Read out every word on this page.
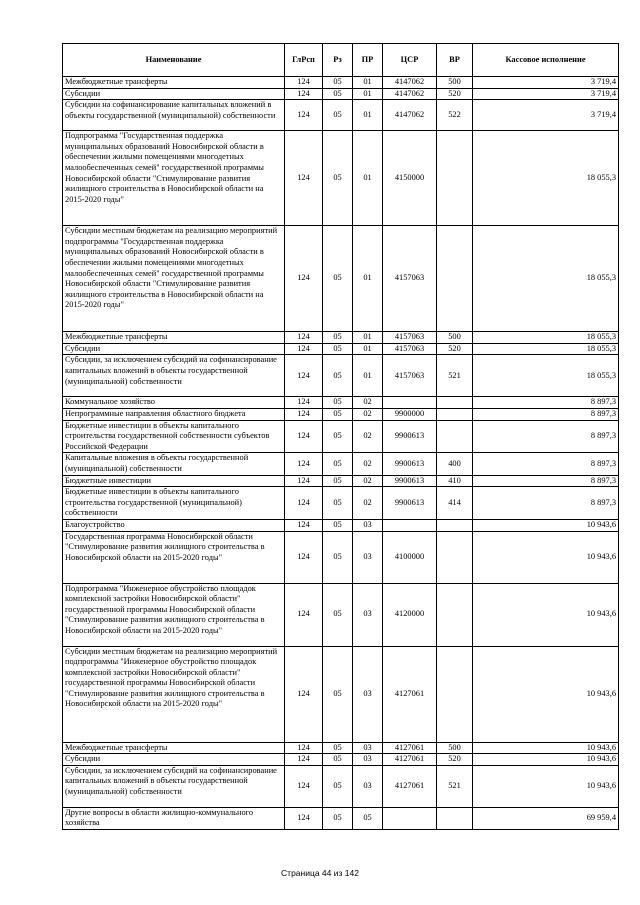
Наименование	ГлРсп	Рз	ПР	ЦСР	ВР	Кассовое исполнение
Межбюджетные трансферты	124	05	01	4147062	500	3 719,4
Субсидии	124	05	01	4147062	520	3 719,4
Субсидии на софинансирование капитальных вложений в объекты государственной (муниципальной) собственности	124	05	01	4147062	522	3 719,4
Подпрограмма "Государственная поддержка муниципальных образований Новосибирской области в обеспечении жилыми помещениями многодетных малообеспеченных семей" государственной программы Новосибирской области "Стимулирование развития жилищного строительства в Новосибирской области на 2015-2020 годы"	124	05	01	4150000		18 055,3
Субсидии местным бюджетам на реализацию мероприятий подпрограммы "Государственная поддержка муниципальных образований Новосибирской области в обеспечении жилыми помещениями многодетных малообеспеченных семей" государственной программы Новосибирской области "Стимулирование развития жилищного строительства в Новосибирской области на 2015-2020 годы"	124	05	01	4157063		18 055,3
Межбюджетные трансферты	124	05	01	4157063	500	18 055,3
Субсидии	124	05	01	4157063	520	18 055,3
Субсидии, за исключением субсидий на софинансирование капитальных вложений в объекты государственной (муниципальной) собственности	124	05	01	4157063	521	18 055,3
Коммунальное хозяйство	124	05	02			8 897,3
Непрограммные направления областного бюджета	124	05	02	9900000		8 897,3
Бюджетные инвестиции в объекты капитального строительства государственной собственности субъектов Российской Федерации	124	05	02	9900613		8 897,3
Капитальные вложения в объекты государственной (муниципальной) собственности	124	05	02	9900613	400	8 897,3
Бюджетные инвестиции	124	05	02	9900613	410	8 897,3
Бюджетные инвестиции в объекты капитального строительства государственной (муниципальной) собственности	124	05	02	9900613	414	8 897,3
Благоустройство	124	05	03			10 943,6
Государственная программа Новосибирской области "Стимулирование развития жилищного строительства в Новосибирской области на 2015-2020 годы"	124	05	03	4100000		10 943,6
Подпрограмма "Инженерное обустройство площадок комплексной застройки Новосибирской области" государственной программы Новосибирской области "Стимулирование развития жилищного строительства в Новосибирской области на 2015-2020 годы"	124	05	03	4120000		10 943,6
Субсидии местным бюджетам на реализацию мероприятий подпрограммы "Инженерное обустройство площадок комплексной застройки Новосибирской области" государственной программы Новосибирской области "Стимулирование развития жилищного строительства в Новосибирской области на 2015-2020 годы"	124	05	03	4127061		10 943,6
Межбюджетные трансферты	124	05	03	4127061	500	10 943,6
Субсидии	124	05	03	4127061	520	10 943,6
Субсидии, за исключением субсидий на софинансирование капитальных вложений в объекты государственной (муниципальной) собственности	124	05	03	4127061	521	10 943,6
Другие вопросы в области жилищно-коммунального хозяйства	124	05	05			69 959,4
Страница 44 из 142
